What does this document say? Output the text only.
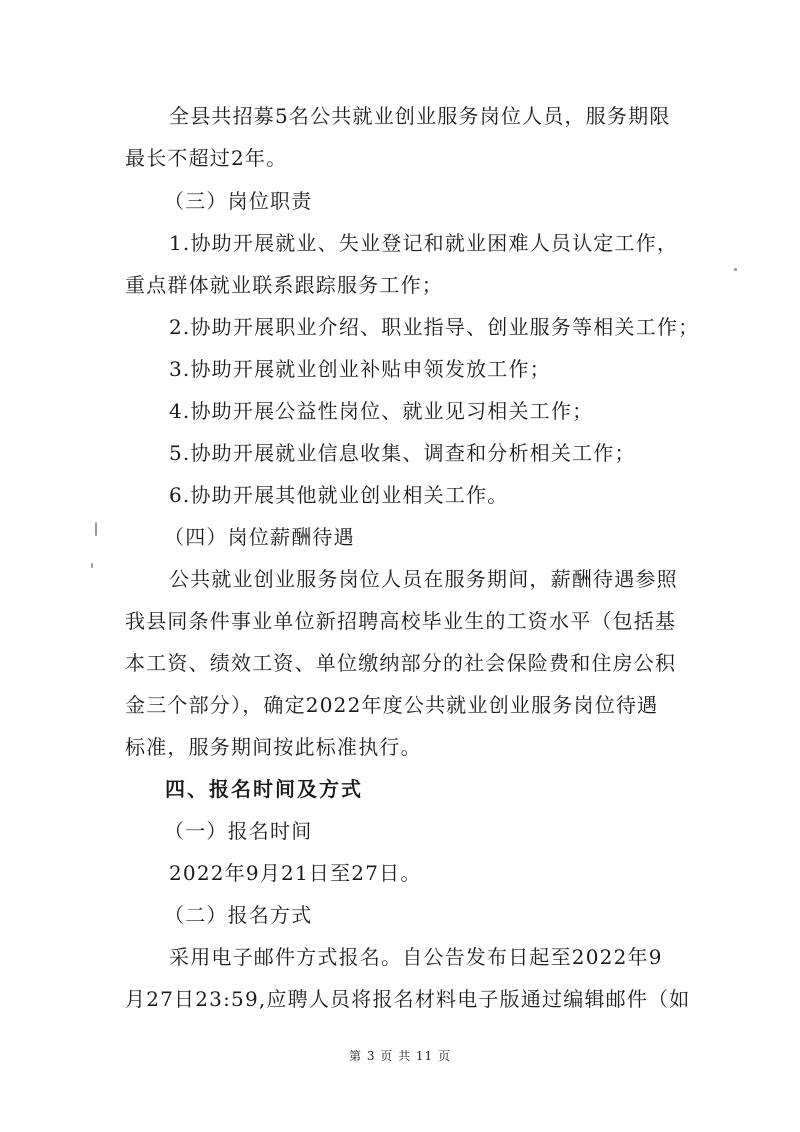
全县共招募5名公共就业创业服务岗位人员，服务期限
最长不超过2年。
（三）岗位职责
1.协助开展就业、失业登记和就业困难人员认定工作，
重点群体就业联系跟踪服务工作；
2.协助开展职业介绍、职业指导、创业服务等相关工作；
3.协助开展就业创业补贴申领发放工作；
4.协助开展公益性岗位、就业见习相关工作；
5.协助开展就业信息收集、调查和分析相关工作；
6.协助开展其他就业创业相关工作。
（四）岗位薪酬待遇
公共就业创业服务岗位人员在服务期间，薪酬待遇参照
我县同条件事业单位新招聘高校毕业生的工资水平（包括基
本工资、绩效工资、单位缴纳部分的社会保险费和住房公积
金三个部分），确定2022年度公共就业创业服务岗位待遇
标准，服务期间按此标准执行。
四、报名时间及方式
（一）报名时间
2022年9月21日至27日。
（二）报名方式
采用电子邮件方式报名。自公告发布日起至2022年9
月27日23:59,应聘人员将报名材料电子版通过编辑邮件（如
第 3 页 共 11 页
